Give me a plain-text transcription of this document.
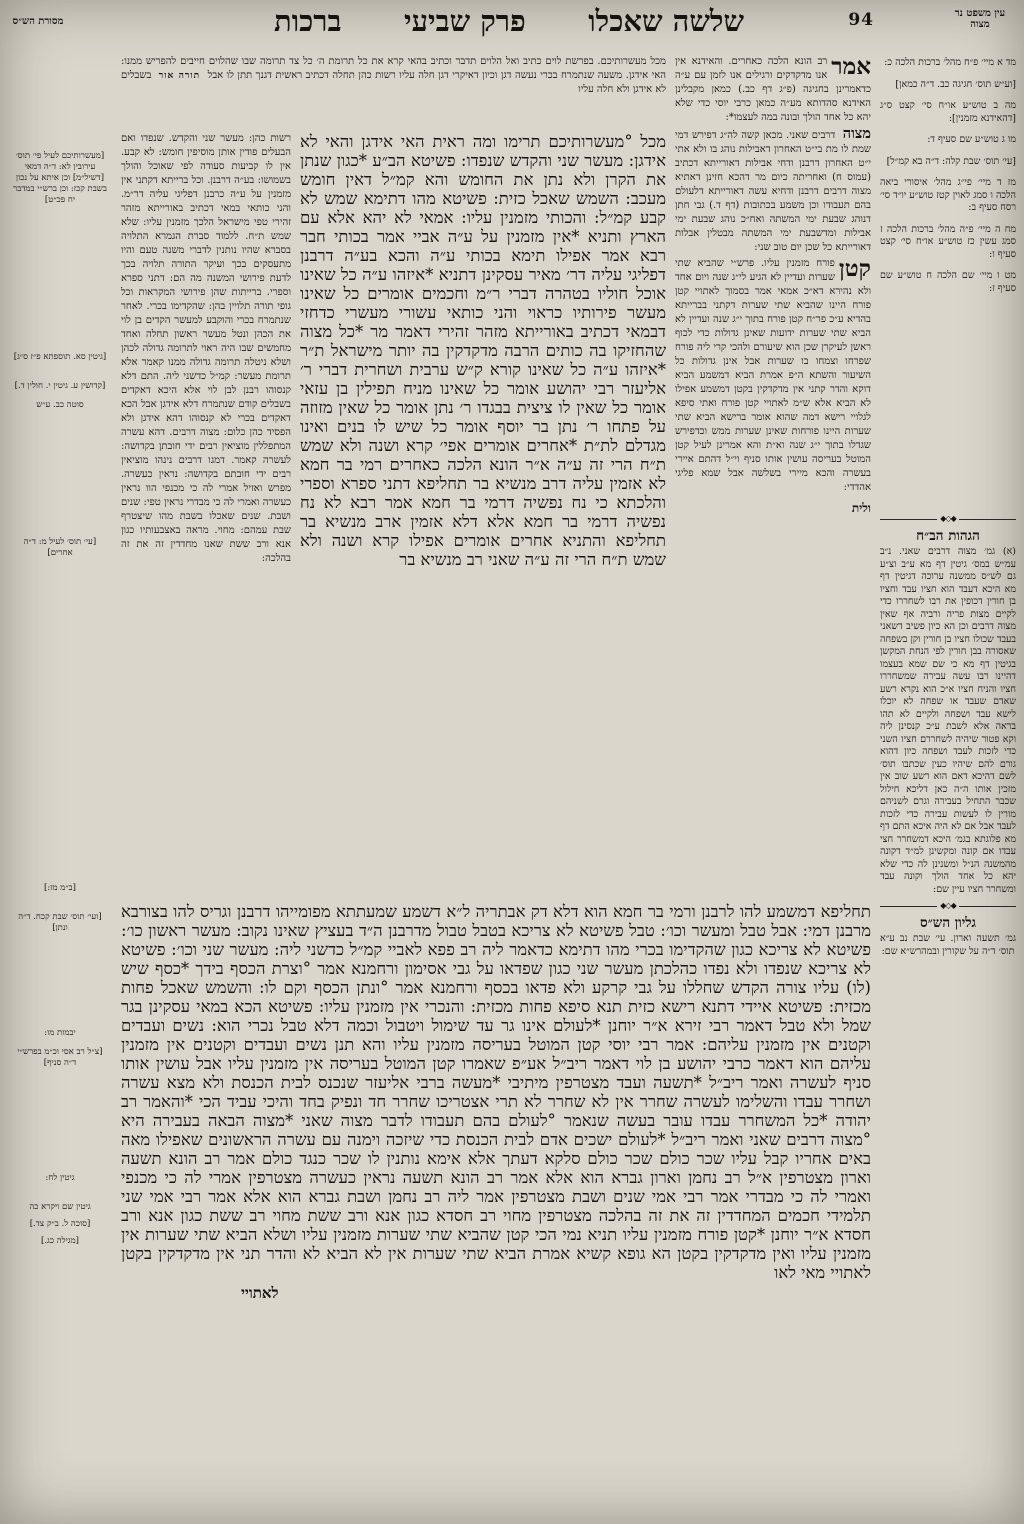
עין משפט נר מצוה
94
שלשה שאכלו
פרק שביעי
ברכות
מסורת הש״ס
מד א מיי׳ פ״ח מהל׳ ברכות הלכה כ:
[וע״ש תוס׳ חגיגה כב. ד״ה כמאן]
מה ב טוש״ע או״ח סי׳ קצט ס״ג [דהאידנא מזמנין]:
מו ג טוש״ע שם סעיף ד:
[עי׳ תוס׳ שבת קלה: ד״ה בא קמ״ל]
מז ד מיי׳ פי״ג מהל׳ איסורי ביאה הלכה ו סמג לאוין קטז טוש״ע יו״ד סי׳ רסח סעיף ב:
מח ה מיי׳ פ״ה מהל׳ ברכות הלכה ז סמג עשין כז טוש״ע או״ח סי׳ קצט סעיף ו:
מט ו מיי׳ שם הלכה ח טוש״ע שם סעיף ז:
◆◇◆
הגהות הב״ח
(א) גמ׳ מצוה דרבים שאני. נ״ב עמ״ש במס׳ גיטין דף מא ע״ב וצ״ע גם לש״ס ממשנה ערוכה דגיטין דף מא היכא דעבד הוא חציו עבד וחציו בן חורין דכופין את רבו לשחררו כדי לקיים מצות פריה ורביה אף שאין מצוה דרבים וכן הא כיון פשיב דשאני בעבד שכולו חציו בן חורין וקן בשפחה שאסורה בבן חורין לפי הנחת המקשן בגיטין דף מא כי שם שמא בעצמו דהיינו רבו עשה עבירה שמשחררו חציו והניח חציו א״כ הוא נקרא רשע שאדם שעבד או שפחה לא יוכלו לישא עבד ושפחה ולקיים לא תהו בראה אלא לשבת ע״כ קנסינן ליה וקא פטור שיהיה לשחררם חציו השני כדי לזכות לעבד ושפחה כיון דהוא גורם להם שיהיו כעין שכתבו תוס׳ לשם דהיכא דאם הוא רשע שוב אין מזכין אותו ה״ה כאן דליכא חילול שכבר התחיל בעבירה וגרם לשניהם מורין לו לעשות עבירה כדי לזכות לעבד אבל אם לא היה איכא התם דף מא פלוגתא בגמ׳ היכא דמשחרר חצי עבדו אם קונה ומקשינן למ״ד דקונה מהמשנה הנ״ל ומשנינן לה כדי שלא יהא כל אחד הולך וקונה עבד ומשחרר חציו עיין שם:
◆◇◆
גליון הש״ס
גמ׳ תשעה וארון. עי׳ שבת נב ע״א תוס׳ ד״ה על שקורין ובמהרש״א שם:
אמר
רב הונא הלכה כאחרים. והאידנא אין אנו מדקדקים ורגילים אנו לזמן עם ע״ה כדאמרינן בחגיגה (פ״ג דף כב.) כמאן מקבלינן האידנא סהדותא מע״ה כמאן כרבי יוסי כדי שלא יהא כל אחד הולך ובונה במה לעצמו*:
מצוה דרבים שאני. מכאן קשה לה״ג דפירש דמי שמת לו מת בי״ט האחרון דאבילות נוהג בו ולא אתי י״ט האחרון דרבנן ודחי אבילות דאורייתא דכתיב (עמוס ח) ואחריתה כיום מר דהכא חזינן דאתיא מצוה דרבים דרבנן ודחיא עשה דאורייתא דלעולם בהם תעבודו וכן משמע בכתובות (דף ד.) גבי חתן דנוהג שבעת ימי המשתה ואח״כ נוהג שבעת ימי אבילות ומדשבעת ימי המשתה מבטלין אבלות דאורייתא כל שכן יום טוב שני:
קטן
פורח מזמנין עליו. פרש״י שהביא שתי שערות ועדיין לא הגיע לי״ג שנה ויום אחד ולא נהירא דא״כ אמאי אמר בסמוך לאתויי קטן פורח היינו שהביא שתי שערות דקתני בברייתא בהדיא ע״כ פר״ח קטן פורח בתוך י״ג שנה ועדיין לא הביא שתי שערות ידועות שאינן גדולות כדי לכוף ראשן לעיקרן שכן הוא שיעורם ולהכי קרי ליה פורח שפרחו וצמחו בו שערות אבל אינן גדולות כל השיעור והשתא ה״פ אמרת הביא דמשמע הביא דוקא והדר קתני אין מדקדקין בקטן דמשמע אפילו לא הביא אלא ש״מ לאתויי קטן פורח ואתי סיפא לגלויי רישא דמה שהוא אומר ברישא הביא שתי שערות היינו פורחות שאינן שערות ממש וכדפירש שגדלו בתוך י״ג שנה וא״ת והא אמרינן לעיל קטן המוטל בעריסה עושין אותו סניף וי״ל דהתם איירי בעשרה והכא מיירי בשלשה אבל שמא פליגי אהדדי:
ולית
מכל מעשרותיכם. בפרשת לוים כתיב ואל הלוים תדבר וכתיב בהאי קרא את כל תרומת ה׳ כל צד תרומה שבו שהלוים חייבים להפריש ממנו: האי אידגן. משעה שנתמרח בכרי נעשה דגן וכיון דאיקרי דגן חלה עליו רשות כהן תחלה דכתיב ראשית דגנך תתן לו אבל תורה אור בשבלים לא אידגן ולא חלה עליו
מכל °מעשרותיכם תרימו ומה ראית האי אידגן והאי לא אידגן: מעשר שני והקדש שנפדו: פשיטא הב״ע *כגון שנתן את הקרן ולא נתן את החומש והא קמ״ל דאין חומש מעכב: השמש שאכל כזית: פשיטא מהו דתימא שמש לא קבע קמ״ל: והכותי מזמנין עליו: אמאי לא יהא אלא עם הארץ ותניא *אין מזמנין על ע״ה אביי אמר בכותי חבר רבא אמר אפילו תימא בכותי ע״ה והכא בע״ה דרבנן דפליגי עליה דר׳ מאיר עסקינן דתניא *איזהו ע״ה כל שאינו אוכל חוליו בטהרה דברי ר״מ וחכמים אומרים כל שאינו מעשר פירותיו כראוי והני כותאי עשורי מעשרי כדחזי דבמאי דכתיב באורייתא מזהר זהירי דאמר מר *כל מצוה שהחזיקו בה כותים הרבה מדקדקין בה יותר מישראל ת״ר *איזהו ע״ה כל שאינו קורא ק״ש ערבית ושחרית דברי ר׳ אליעזר רבי יהושע אומר כל שאינו מניח תפילין בן עזאי אומר כל שאין לו ציצית בבגדו ר׳ נתן אומר כל שאין מזוזה על פתחו ר׳ נתן בר יוסף אומר כל שיש לו בנים ואינו מגדלם לת״ת *אחרים אומרים אפי׳ קרא ושנה ולא שמש ת״ח הרי זה ע״ה א״ר הונא הלכה כאחרים רמי בר חמא לא אזמין עליה דרב מנשיא בר תחליפא דתני ספרא וספרי והלכתא כי נח נפשיה דרמי בר חמא אמר רבא לא נח נפשיה דרמי בר חמא אלא דלא אזמין ארב מנשיא בר תחליפא והתניא אחרים אומרים אפילו קרא ושנה ולא שמש ת״ח הרי זה ע״ה שאני רב מנשיא בר
רשות כהן: מעשר שני והקדש. שנפדו ואם הבעלים פודין אותן מוסיפין חומש: לא קבע. אין לו קביעות סעודה לפי שאוכל והולך בשמושו: בע״ה דרבנן. וכל ברייתא דקתני אין מזמנין על ע״ה כרבנן דפליגי עליה דר״מ. והני כותאי במאי דכתיב באורייתא מזהר זהירי טפי מישראל הלכך מזמנין עליו: שלא שמש ת״ח. ללמוד סברת הגמרא התלויה בסברא שהיו נותנין לדברי משנה טעם והיו מתעסקים בכך ועיקר התורה תלויה בכך לדעת פירושי המשנה מה הם: דתני ספרא וספרי. ברייתות שהן פירושי המקראות וכל גופי תורה תלויין בהן: שהקדימו בכרי. לאחר שנתמרח בכרי והוקבע למעשר הקדים בן לוי את הכהן ונטל מעשר ראשון תחלה ואחד מחמשים שבו היה ראוי לתרומה גדולה לכהן ושלא ניטלה תרומה גדולה ממנו קאמר אלא תרומת מעשר: קמ״ל כדשני ליה. התם דלא קנסוהו רבנן לבן לוי אלא היכא דאקדים בשבלים קודם שנתמרח דלא אידגן אבל הכא דאקדים בכרי לא קנסוהו דהא אידגן ולא הפסיד כהן כלום: מצוה דרבים. דהא עשרה המתפללין מוציאין רבים ידי חובתן בקדושה: לעשרה קאמר. דמגו דרבים נינהו מוציאין רבים ידי חובתם בקדושה: נראין כעשרה. מפרש ואזיל אמרי לה כי מכנפי הוו נראין כעשרה ואמרי לה כי מבדרי נראין טפי: שנים ושבת. שנים שאכלו בשבת מהו שיצטרף שבת עמהם: מחוי. מראה באצבעותיו כגון אנא ורב ששת שאנו מחדדין זה את זה בהלכה:
תחליפא דמשמע להו לרבנן ורמי בר חמא הוא דלא דק אבתריה ל״א דשמע שמעתתא מפומייהו דרבנן וגריס להו בצורבא מרבנן דמי: אבל טבל ומעשר וכו׳: טבל פשיטא לא צריכא בטבל טבול מדרבנן ה״ד בעציץ שאינו נקוב: מעשר ראשון כו׳: פשיטא לא צריכא כגון שהקדימו בכרי מהו דתימא כדאמר ליה רב פפא לאביי קמ״ל כדשני ליה: מעשר שני וכו׳: פשיטא לא צריכא שנפדו ולא נפדו כהלכתן מעשר שני כגון שפדאו על גבי אסימון ורחמנא אמר °וצרת הכסף בידך *כסף שיש (לו) עליו צורה הקדש שחללו על גבי קרקע ולא פדאו בכסף ורחמנא אמר °ונתן הכסף וקם לו: והשמש שאכל פחות מכזית: פשיטא איידי דתנא רישא כזית תנא סיפא פחות מכזית: והנכרי אין מזמנין עליו: פשיטא הכא במאי עסקינן בגר שמל ולא טבל דאמר רבי זירא א״ר יוחנן *לעולם אינו גר עד שימול ויטבול וכמה דלא טבל נכרי הוא: נשים ועבדים וקטנים אין מזמנין עליהם: אמר רבי יוסי קטן המוטל בעריסה מזמנין עליו והא תנן נשים ועבדים וקטנים אין מזמנין עליהם הוא דאמר כרבי יהושע בן לוי דאמר ריב״ל אע״פ שאמרו קטן המוטל בעריסה אין מזמנין עליו אבל עושין אותו סניף לעשרה ואמר ריב״ל *תשעה ועבד מצטרפין מיתיבי *מעשה ברבי אליעזר שנכנס לבית הכנסת ולא מצא עשרה ושחרר עבדו והשלימו לעשרה שחרר אין לא שחרר לא תרי אצטריכו שחרר חד ונפיק בחד והיכי עביד הכי *והאמר רב יהודה *כל המשחרר עבדו עובר בעשה שנאמר °לעולם בהם תעבודו לדבר מצוה שאני *מצוה הבאה בעבירה היא °מצוה דרבים שאני ואמר ריב״ל *לעולם ישכים אדם לבית הכנסת כדי שיזכה וימנה עם עשרה הראשונים שאפילו מאה באים אחריו קבל עליו שכר כולם שכר כולם סלקא דעתך אלא אימא נותנין לו שכר כנגד כולם אמר רב הונא תשעה וארון מצטרפין א״ל רב נחמן וארון גברא הוא אלא אמר רב הונא תשעה נראין כעשרה מצטרפין אמרי לה כי מכנפי ואמרי לה כי מבדרי אמר רבי אמי שנים ושבת מצטרפין אמר ליה רב נחמן ושבת גברא הוא אלא אמר רבי אמי שני תלמידי חכמים המחדדין זה את זה בהלכה מצטרפין מחוי רב חסדא כגון אנא ורב ששת מחוי רב ששת כגון אנא ורב חסדא א״ר יוחנן *קטן פורח מזמנין עליו תניא נמי הכי קטן שהביא שתי שערות מזמנין עליו ושלא הביא שתי שערות אין מזמנין עליו ואין מדקדקין בקטן הא גופא קשיא אמרת הביא שתי שערות אין לא הביא לא והדר תני אין מדקדקין בקטן לאתויי מאי לאו
לאתויי
[מעשרותיכם לעיל פי׳ תוס׳ עירובין לא: ד״ה דמאי [דשיל״מ] וכן איתא על נכון בשבת קכז: וכן ברש״י במדבר יח פכ״ט]
[גיטין סא. תוספתא פ״ז ס״ג]
[קדושין ע. גיטין י. חולין ד.]
סוטה כב. ע״ש
[עי׳ תוס׳ לעיל מ: ד״ה אחרים]
[ב״מ מז:]
[ועי׳ תוס׳ שבת קכח. ד״ה ונתן]
יבמות מו:
[צ״ל רב אסי וכ״מ בפרש״י ד״ה סניף]
גיטין לח:
גיטין שם ויקרא כה
[סוכה ל. ב״ק צד.]
[מגילה כג.]
